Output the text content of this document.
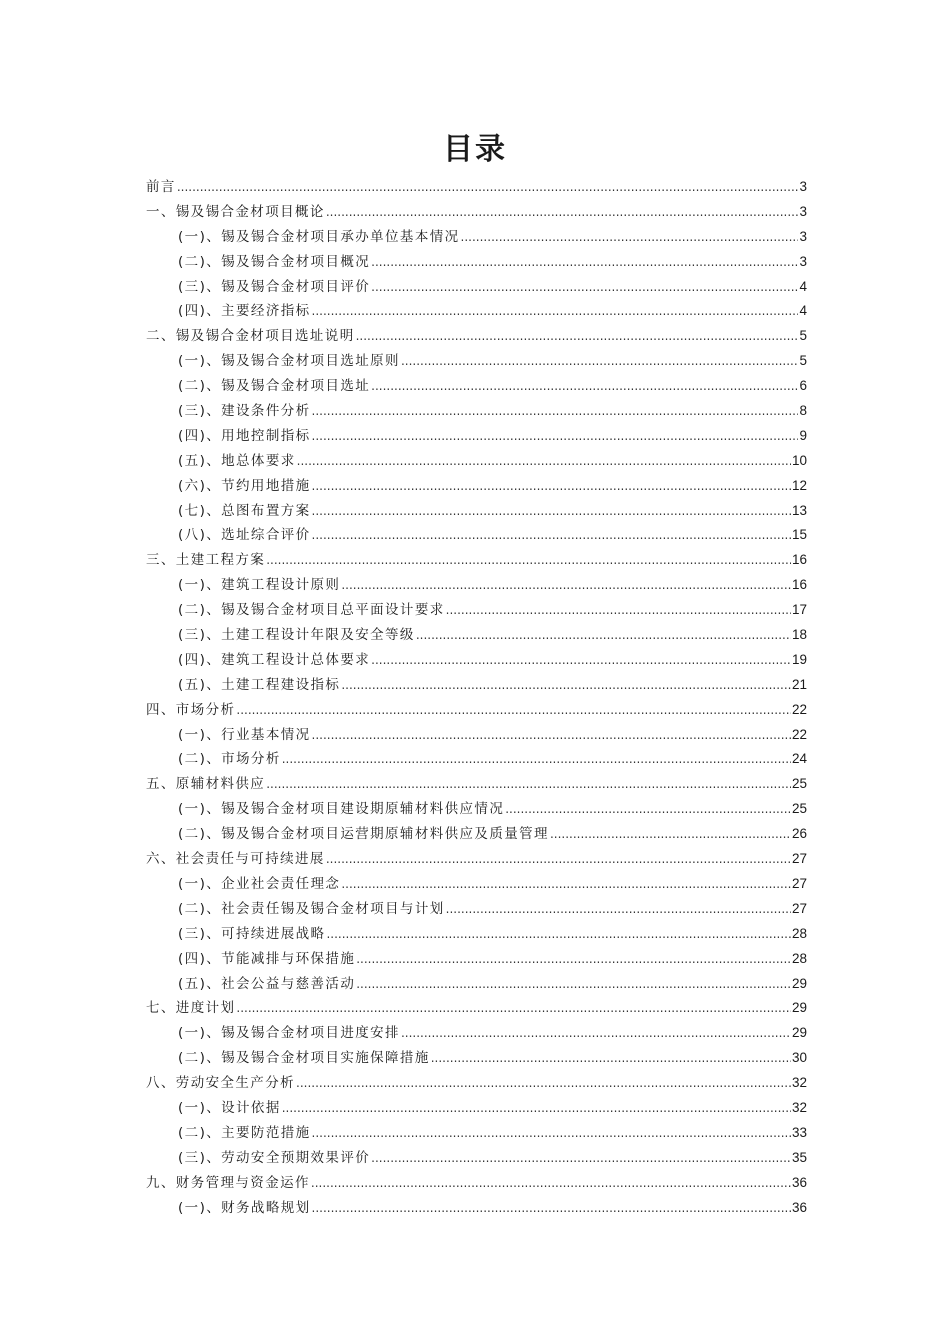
目录
前言 .....	3
一、锡及锡合金材项目概论 .....	3
(一)、锡及锡合金材项目承办单位基本情况 .....	3
(二)、锡及锡合金材项目概况 .....	3
(三)、锡及锡合金材项目评价 .....	4
(四)、主要经济指标 .....	4
二、锡及锡合金材项目选址说明 .....	5
(一)、锡及锡合金材项目选址原则 .....	5
(二)、锡及锡合金材项目选址 .....	6
(三)、建设条件分析 .....	8
(四)、用地控制指标 .....	9
(五)、地总体要求 .....	10
(六)、节约用地措施 .....	12
(七)、总图布置方案 .....	13
(八)、选址综合评价 .....	15
三、土建工程方案 .....	16
(一)、建筑工程设计原则 .....	16
(二)、锡及锡合金材项目总平面设计要求 .....	17
(三)、土建工程设计年限及安全等级 .....	18
(四)、建筑工程设计总体要求 .....	19
(五)、土建工程建设指标 .....	21
四、市场分析 .....	22
(一)、行业基本情况 .....	22
(二)、市场分析 .....	24
五、原辅材料供应 .....	25
(一)、锡及锡合金材项目建设期原辅材料供应情况 .....	25
(二)、锡及锡合金材项目运营期原辅材料供应及质量管理 .....	26
六、社会责任与可持续进展 .....	27
(一)、企业社会责任理念 .....	27
(二)、社会责任锡及锡合金材项目与计划 .....	27
(三)、可持续进展战略 .....	28
(四)、节能减排与环保措施 .....	28
(五)、社会公益与慈善活动 .....	29
七、进度计划 .....	29
(一)、锡及锡合金材项目进度安排 .....	29
(二)、锡及锡合金材项目实施保障措施 .....	30
八、劳动安全生产分析 .....	32
(一)、设计依据 .....	32
(二)、主要防范措施 .....	33
(三)、劳动安全预期效果评价 .....	35
九、财务管理与资金运作 .....	36
(一)、财务战略规划 .....	36
